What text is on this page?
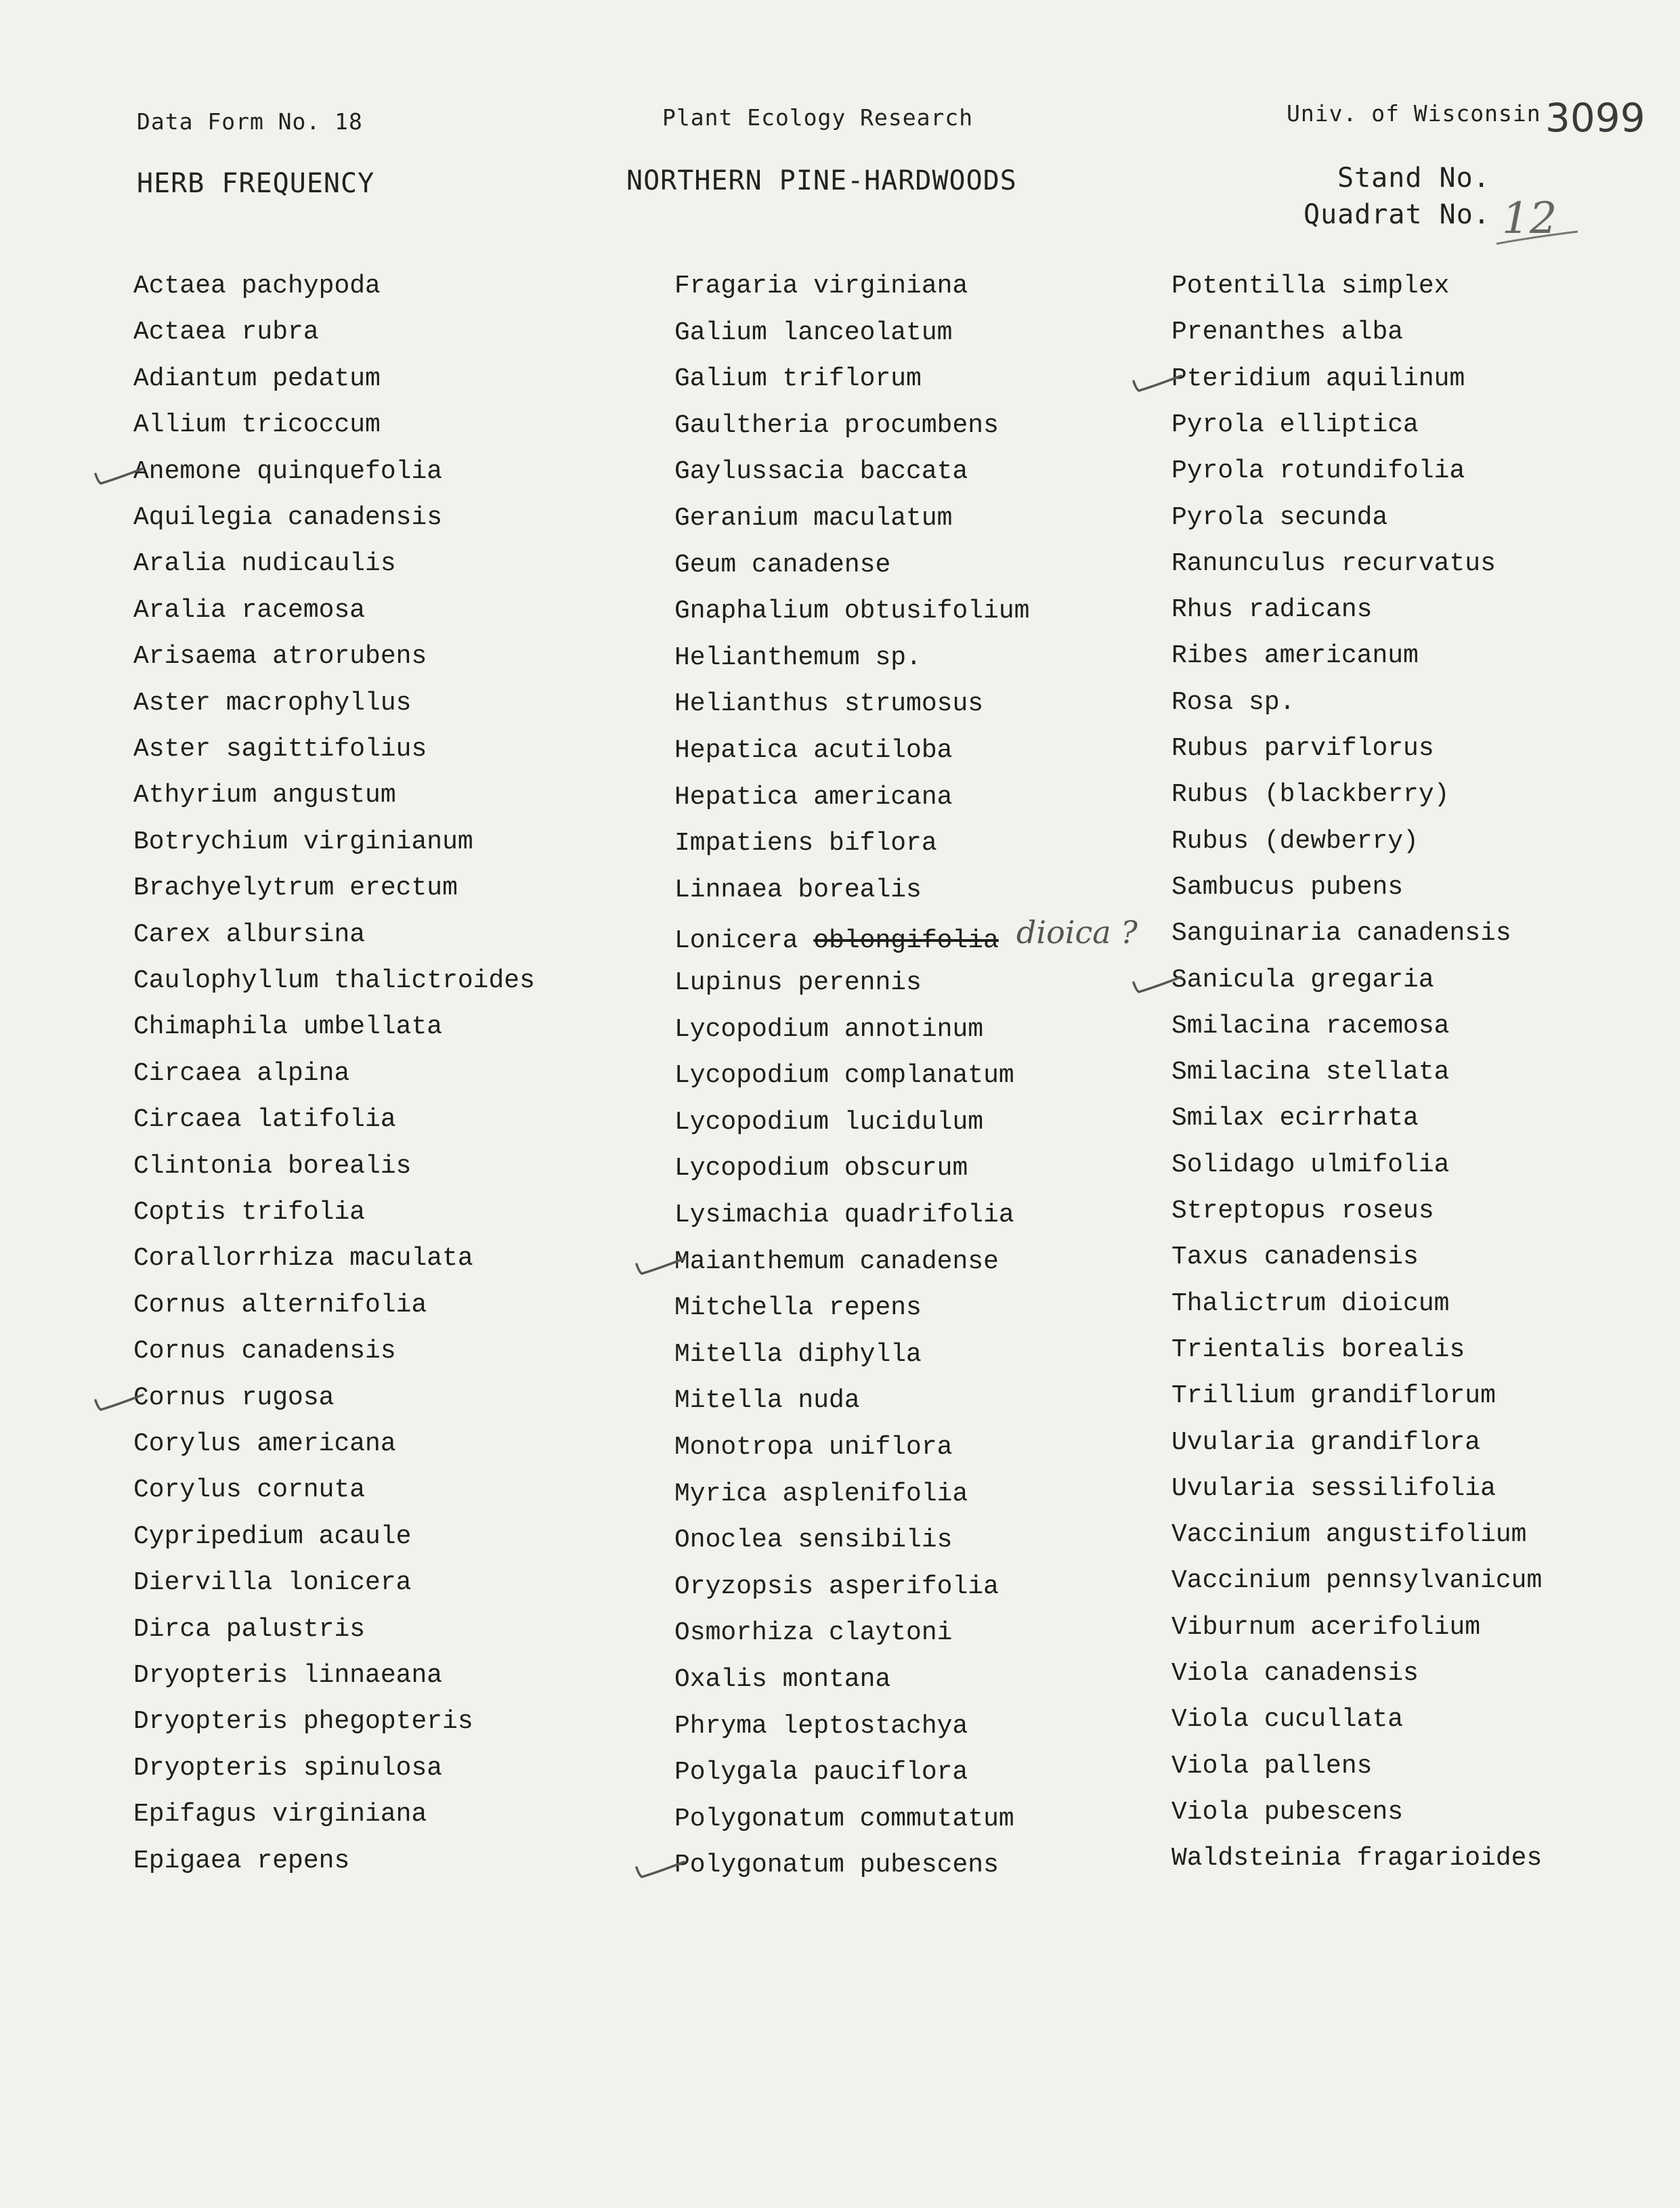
Data Form No. 18	Plant Ecology Research	Univ. of Wisconsin 3099
HERB FREQUENCY	NORTHERN PINE-HARDWOODS	Stand No.
Quadrat No. 12
Actaea pachypoda
Actaea rubra
Adiantum pedatum
Allium tricoccum
Anemone quinquefolia
Aquilegia canadensis
Aralia nudicaulis
Aralia racemosa
Arisaema atrorubens
Aster macrophyllus
Aster sagittifolius
Athyrium angustum
Botrychium virginianum
Brachyelytrum erectum
Carex albursina
Caulophyllum thalictroides
Chimaphila umbellata
Circaea alpina
Circaea latifolia
Clintonia borealis
Coptis trifolia
Corallorrhiza maculata
Cornus alternifolia
Cornus canadensis
Cornus rugosa
Corylus americana
Corylus cornuta
Cypripedium acaule
Diervilla lonicera
Dirca palustris
Dryopteris linnaeana
Dryopteris phegopteris
Dryopteris spinulosa
Epifagus virginiana
Epigaea repens
Fragaria virginiana
Galium lanceolatum
Galium triflorum
Gaultheria procumbens
Gaylussacia baccata
Geranium maculatum
Geum canadense
Gnaphalium obtusifolium
Helianthemum sp.
Helianthus strumosus
Hepatica acutiloba
Hepatica americana
Impatiens biflora
Linnaea borealis
Lonicera oblongifolia dioica ?
Lupinus perennis
Lycopodium annotinum
Lycopodium complanatum
Lycopodium lucidulum
Lycopodium obscurum
Lysimachia quadrifolia
Maianthemum canadense
Mitchella repens
Mitella diphylla
Mitella nuda
Monotropa uniflora
Myrica asplenifolia
Onoclea sensibilis
Oryzopsis asperifolia
Osmorhiza claytoni
Oxalis montana
Phryma leptostachya
Polygala pauciflora
Polygonatum commutatum
Polygonatum pubescens
Potentilla simplex
Prenanthes alba
Pteridium aquilinum
Pyrola elliptica
Pyrola rotundifolia
Pyrola secunda
Ranunculus recurvatus
Rhus radicans
Ribes americanum
Rosa sp.
Rubus parviflorus
Rubus (blackberry)
Rubus (dewberry)
Sambucus pubens
Sanguinaria canadensis
Sanicula gregaria
Smilacina racemosa
Smilacina stellata
Smilax ecirrhata
Solidago ulmifolia
Streptopus roseus
Taxus canadensis
Thalictrum dioicum
Trientalis borealis
Trillium grandiflorum
Uvularia grandiflora
Uvularia sessilifolia
Vaccinium angustifolium
Vaccinium pennsylvanicum
Viburnum acerifolium
Viola canadensis
Viola cucullata
Viola pallens
Viola pubescens
Waldsteinia fragarioides
